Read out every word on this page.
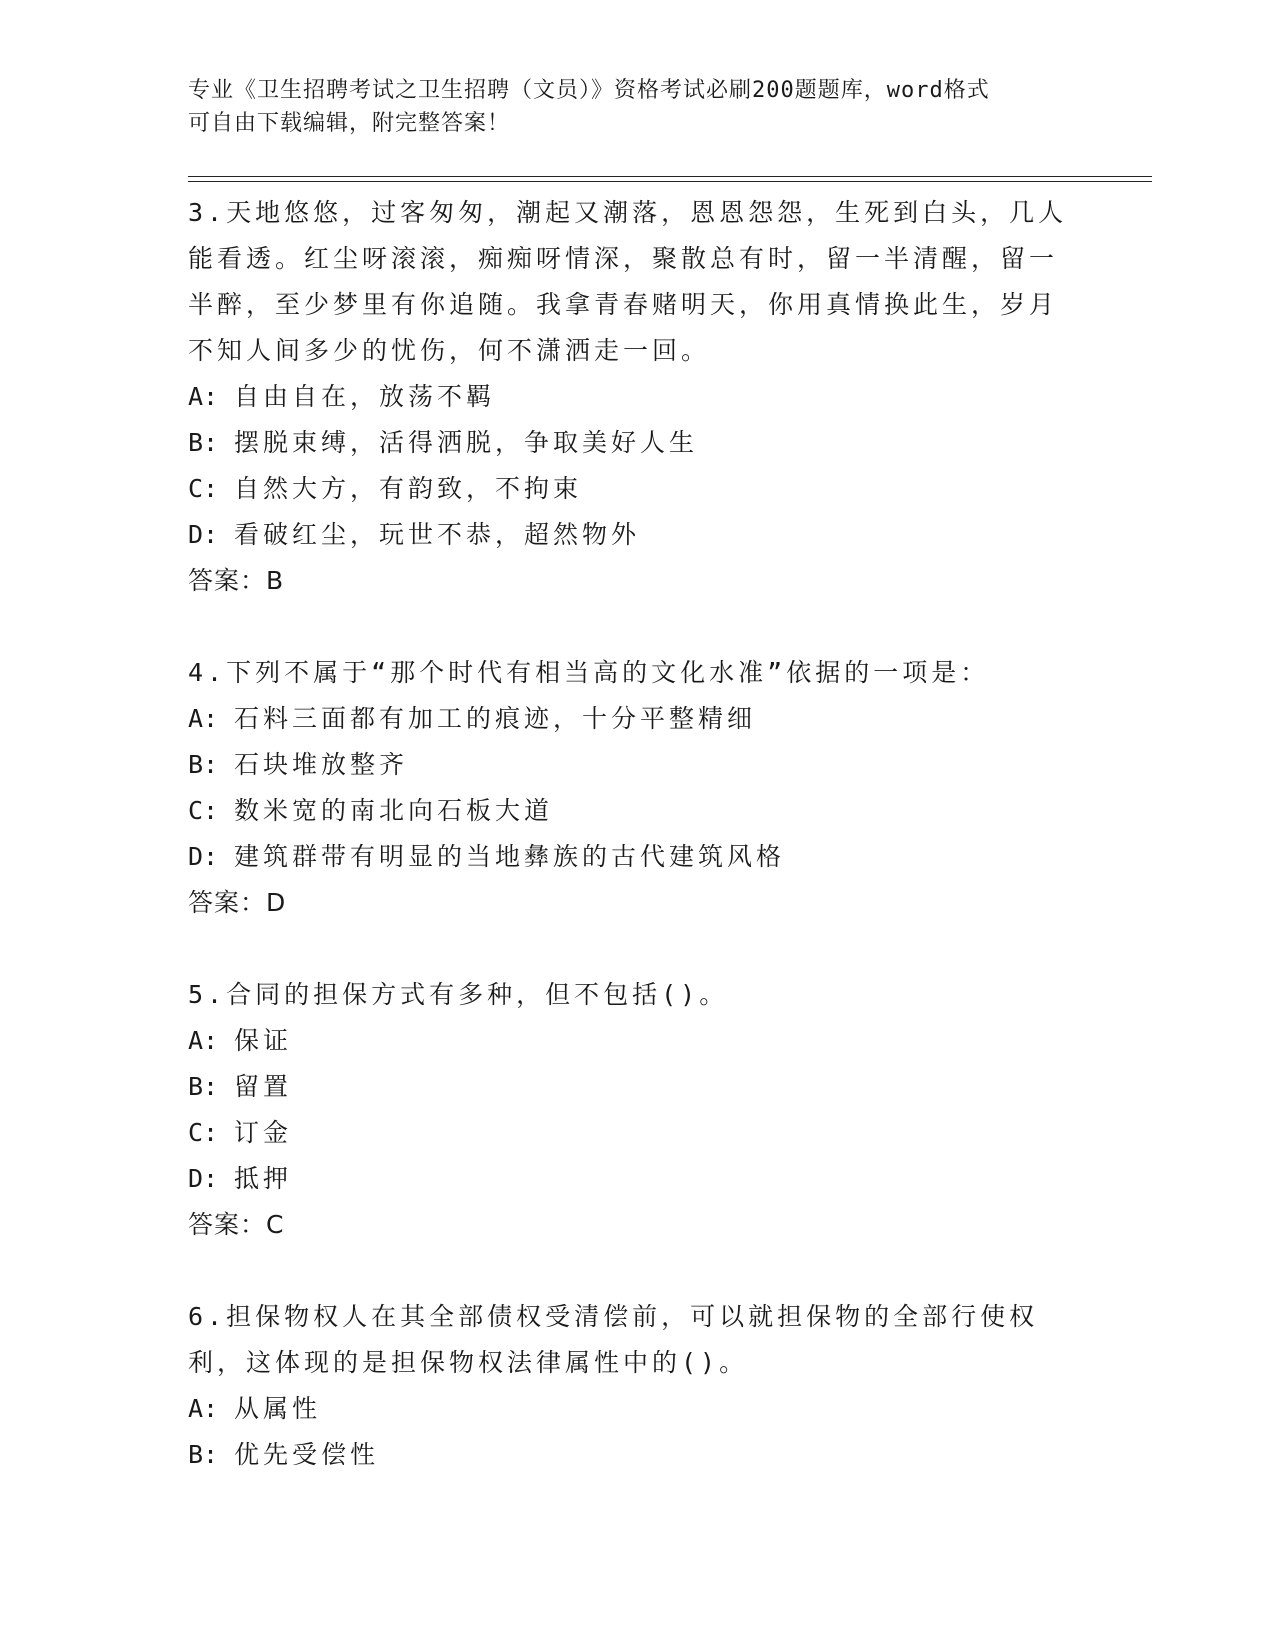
专业《卫生招聘考试之卫生招聘（文员）》资格考试必刷200题题库，word格式
可自由下载编辑，附完整答案！
3.天地悠悠，过客匆匆，潮起又潮落，恩恩怨怨，生死到白头，几人能看透。红尘呀滚滚，痴痴呀情深，聚散总有时，留一半清醒，留一半醉，至少梦里有你追随。我拿青春赌明天，你用真情换此生，岁月不知人间多少的忧伤，何不潇洒走一回。
A: 自由自在，放荡不羁
B: 摆脱束缚，活得洒脱，争取美好人生
C: 自然大方，有韵致，不拘束
D: 看破红尘，玩世不恭，超然物外
答案：B
4.下列不属于“那个时代有相当高的文化水准”依据的一项是：
A: 石料三面都有加工的痕迹，十分平整精细
B: 石块堆放整齐
C: 数米宽的南北向石板大道
D: 建筑群带有明显的当地彝族的古代建筑风格
答案：D
5.合同的担保方式有多种，但不包括()。
A: 保证
B: 留置
C: 订金
D: 抵押
答案：C
6.担保物权人在其全部债权受清偿前，可以就担保物的全部行使权利，这体现的是担保物权法律属性中的()。
A: 从属性
B: 优先受偿性
